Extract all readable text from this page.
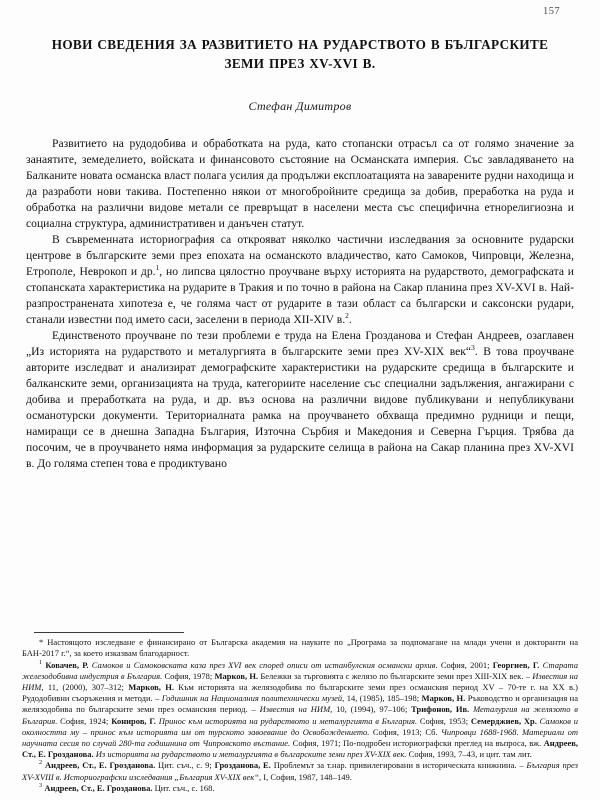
157
НОВИ СВЕДЕНИЯ ЗА РАЗВИТИЕТО НА РУДАРСТВОТО В БЪЛГАРСКИТЕ
ЗЕМИ ПРЕЗ XV-XVI В.
Стефан Димитров

Развитието на рудодобива и обработката на руда, като стопански отрасъл са от голямо значение за занаятите, земеделието, войската и финансовото състояние на Османската империя. Със завладяването на Балканите новата османска власт полага усилия да продължи експлоатацията на заварените рудни находища и да разработи нови такива. Постепенно някои от многобройните средища за добив, преработка на руда и обработка на различни видове метали се превръщат в населени места със специфична етнорелигиозна и социална структура, административен и данъчен статут.

В съвременната историография са открояват няколко частични изследвания за основните рударски центрове в българските земи през епохата на османското владичество, като Самоков, Чипровци, Железна, Етрополе, Неврокоп и др.$^1$, но липсва цялостно проучване върху историята на рударството, демографската и стопанската характеристика на рударите в Тракия и по точно в района на Сакар планина през XV-XVI в. Най-разпространената хипотеза е, че голяма част от рударите в тази област са български и саксонски рудари, станали известни под името саси, заселени в периода XII-XIV в.$^2$.

Единственото проучване по тези проблеми е труда на Елена Грозданова и Стефан Андреев, озаглавен „Из историята на рударството и металургията в българските земи през XV-XIX век“$^3$. В това проучване авторите изследват и анализират демографските характеристики на рударските средища в българските и балканските земи, организацията на труда, категориите население със специални задължения, ангажирани с добива и преработката на руда, и др. въз основа на различни видове публикувани и непубликувани османотурски документи. Териториалната рамка на проучването обхваща предимно рудници и пещи, намиращи се в днешна Западна България, Източна Сърбия и Македония и Северна Гърция. Трябва да посочим, че в проучването няма информация за рударските селища в района на Сакар планина през XV-XVI в. До голяма степен това е продиктувано

* Настоящото изследване е финансирано от Българска академия на науките по „Програма за подпомагане на млади учени и докторанти на БАН-2017 г.“, за което изказвам благодарност.

$^1$ Ковачев, Р. Самоков и Самоковската каза през XVI век според описи от истанбулския османски архив. София, 2001; Георгиев, Г. Старата железодобивна индустрия в България. София, 1978; Марков, Н. Бележки за търговията с желязо по българските земи през XIII-XIX век. – Известия на НИМ, 11, (2000), 307–312; Марков, Н. Към историята на желязодобива по българските земи през османския период XV – 70-те г. на XX в.) Рудодобивни съоръжения и методи. – Годишник на Националния политехнически музей, 14, (1985), 185–198; Марков, Н. Ръководство и организация на желязодобива по българските земи през османския период. – Известия на НИМ, 10, (1994), 97–106; Трифонов, Ив. Металургия на желязото в България. София, 1924; Кониров, Г. Принос към историята на рударството и металургията в България. София, 1953; Семерджиев, Хр. Самоков и околността му – принос към историята им от турското завоевание до Освобождението. София, 1913; Сб. Чипровци 1688-1968. Материали от научната сесия по случай 280-та годишнина от Чипровското въстание. София, 1971; По-подробен историографски преглед на въпроса, вж. Андреев, Ст., Е. Грозданова. Из историята на рударството и металургията в българските земи през XV-XIX век. София, 1993, 7–43, и цит. там лит.

$^2$ Андреев, Ст., Е. Грозданова. Цит. съч., с. 9; Грозданова, Е. Проблемът за т.нар. привилегировани в историческата книжнина. – България през XV-XVIII в. Историографски изследвания „България XV-XIX век“, I, София, 1987, 148–149.

$^3$ Андреев, Ст., Е. Грозданова. Цит. съч., с. 168.
